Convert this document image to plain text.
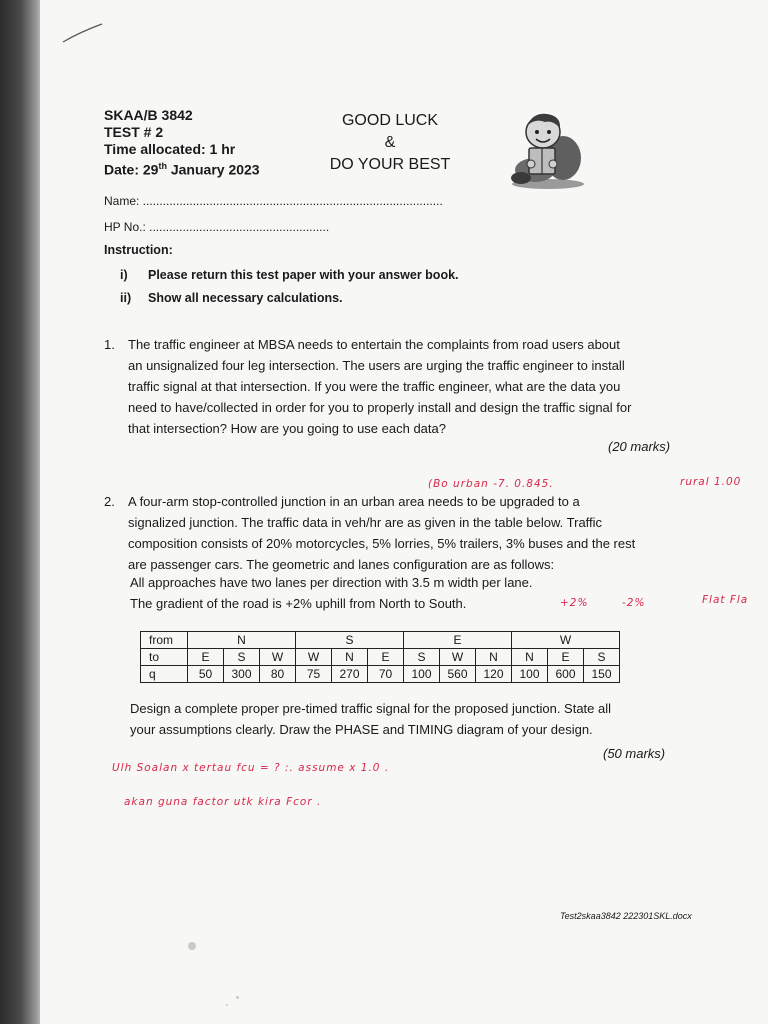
SKAA/B 3842
TEST # 2
Time allocated: 1 hr
Date: 29th January 2023
GOOD LUCK
&
DO YOUR BEST
Name: ..........................................................................................
HP No.: ......................................................
Instruction:
i) Please return this test paper with your answer book.
ii) Show all necessary calculations.
1. The traffic engineer at MBSA needs to entertain the complaints from road users about
an unsignalized four leg intersection. The users are urging the traffic engineer to install
traffic signal at that intersection. If you were the traffic engineer, what are the data you
need to have/collected in order for you to properly install and design the traffic signal for
that intersection? How are you going to use each data?
(20 marks)
(Bo urban -7. 0.845.	rural 1.00
2. A four-arm stop-controlled junction in an urban area needs to be upgraded to a
signalized junction. The traffic data in veh/hr are as given in the table below. Traffic
composition consists of 20% motorcycles, 5% lorries, 5% trailers, 3% buses and the rest
are passenger cars. The geometric and lanes configuration are as follows:
All approaches have two lanes per direction with 3.5 m width per lane.
The gradient of the road is +2% uphill from North to South.	+2%	-2%	Flat Fla
from	N			S			E			W		
to	E	S	W	W	N	E	S	W	N	N	E	S
q	50	300	80	75	270	70	100	560	120	100	600	150
Design a complete proper pre-timed traffic signal for the proposed junction. State all
your assumptions clearly. Draw the PHASE and TIMING diagram of your design.
(50 marks)
Ulh Soalan x tertau fcu = ? :. assume x 1.0 .
akan guna factor utk kira Fcor .
Test2skaa3842 222301SKL.docx
